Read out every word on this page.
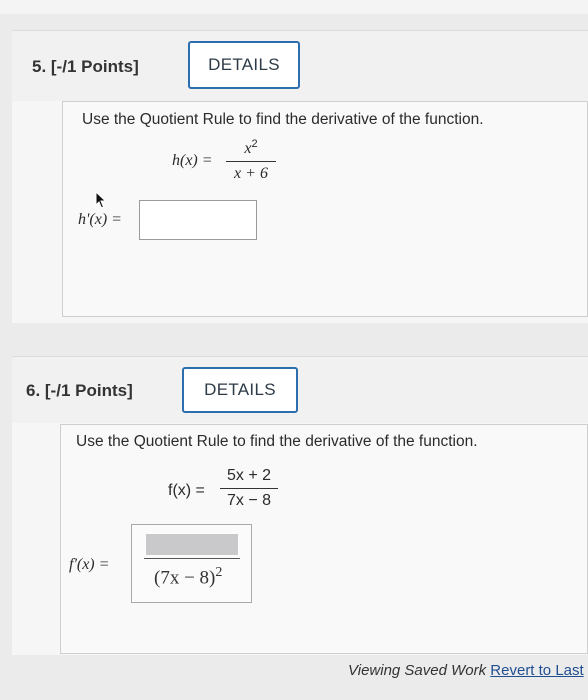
5. [-/1 Points]	DETAILS
Use the Quotient Rule to find the derivative of the function.
h(x) =
$x^2$
x + 6
h'(x) =
6. [-/1 Points]	DETAILS
Use the Quotient Rule to find the derivative of the function.
f(x) =
5x + 2
7x − 8
f'(x) =
$(7x - 8)^2$
Viewing Saved Work Revert to Last
